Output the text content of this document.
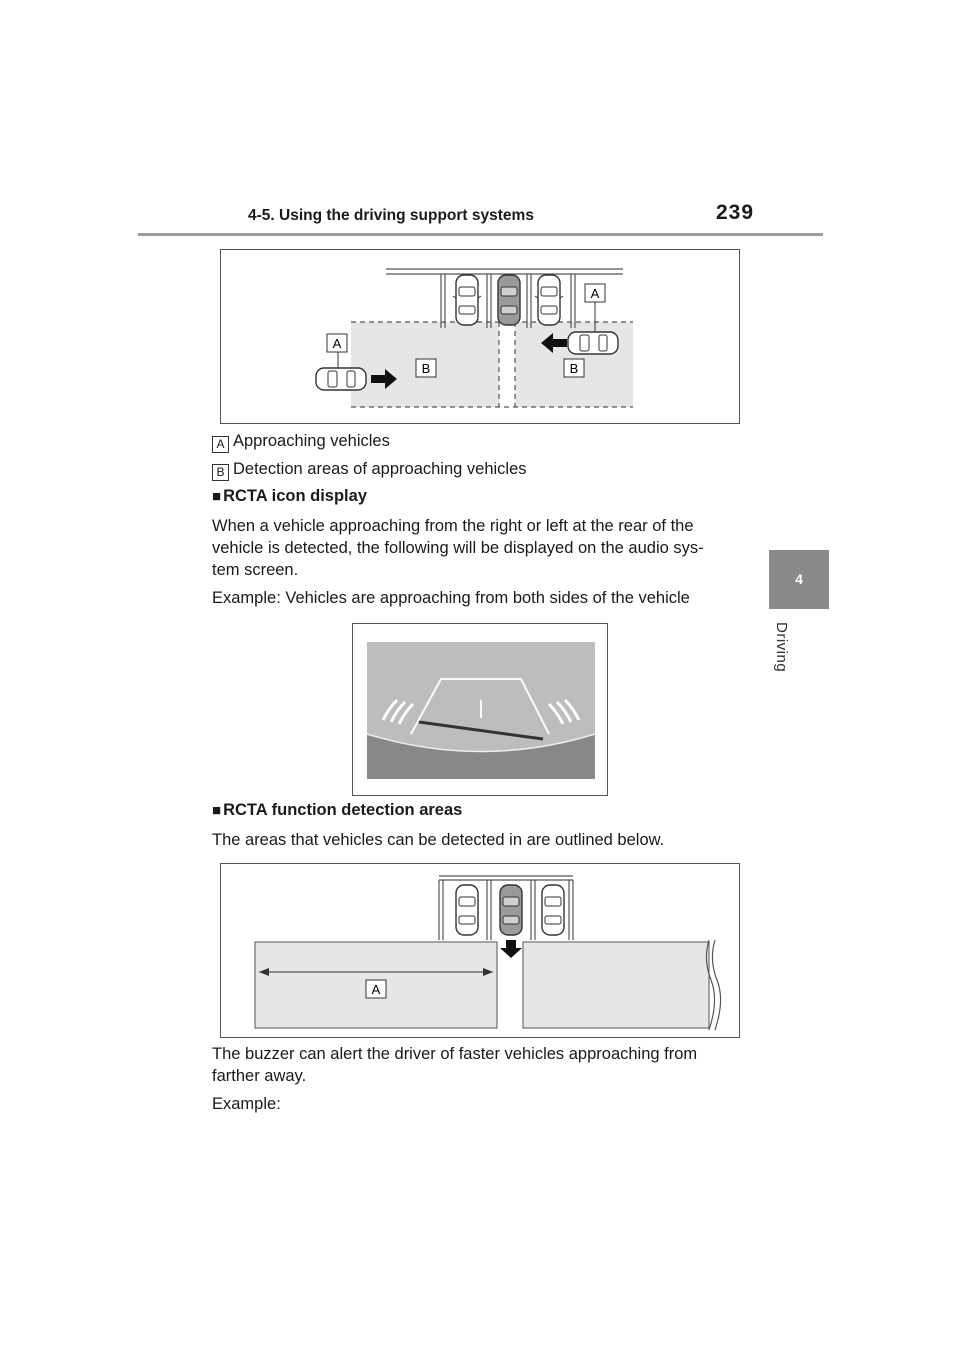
4-5. Using the driving support systems	239
4
Driving
A
A
B	B
A Approaching vehicles
B Detection areas of approaching vehicles
■ RCTA icon display
When a vehicle approaching from the right or left at the rear of the
vehicle is detected, the following will be displayed on the audio sys-
tem screen.
Example: Vehicles are approaching from both sides of the vehicle
■ RCTA function detection areas
The areas that vehicles can be detected in are outlined below.
A
The buzzer can alert the driver of faster vehicles approaching from
farther away.
Example:
